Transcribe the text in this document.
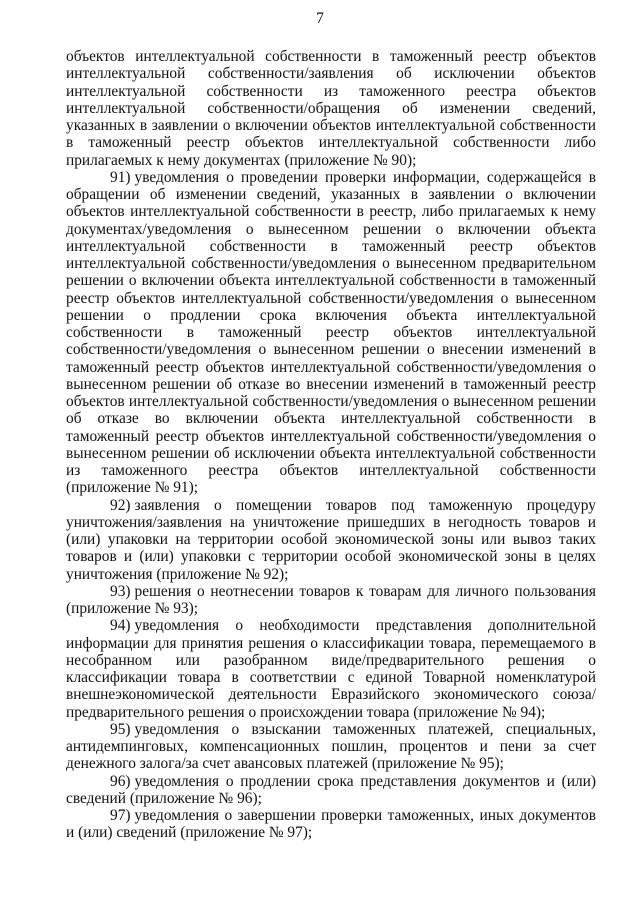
7

объектов интеллектуальной собственности в таможенный реестр объектов интеллектуальной собственности/заявления об исключении объектов интеллектуальной собственности из таможенного реестра объектов интеллектуальной собственности/обращения об изменении сведений, указанных в заявлении о включении объектов интеллектуальной собственности в таможенный реестр объектов интеллектуальной собственности либо прилагаемых к нему документах (приложение № 90);

91) уведомления о проведении проверки информации, содержащейся в обращении об изменении сведений, указанных в заявлении о включении объектов интеллектуальной собственности в реестр, либо прилагаемых к нему документах/уведомления о вынесенном решении о включении объекта интеллектуальной собственности в таможенный реестр объектов интеллектуальной собственности/уведомления о вынесенном предварительном решении о включении объекта интеллектуальной собственности в таможенный реестр объектов интеллектуальной собственности/уведомления о вынесенном решении о продлении срока включения объекта интеллектуальной собственности в таможенный реестр объектов интеллектуальной собственности/уведомления о вынесенном решении о внесении изменений в таможенный реестр объектов интеллектуальной собственности/уведомления о вынесенном решении об отказе во внесении изменений в таможенный реестр объектов интеллектуальной собственности/уведомления о вынесенном решении об отказе во включении объекта интеллектуальной собственности в таможенный реестр объектов интеллектуальной собственности/уведомления о вынесенном решении об исключении объекта интеллектуальной собственности из таможенного реестра объектов интеллектуальной собственности (приложение № 91);

92) заявления о помещении товаров под таможенную процедуру уничтожения/заявления на уничтожение пришедших в негодность товаров и (или) упаковки на территории особой экономической зоны или вывоз таких товаров и (или) упаковки с территории особой экономической зоны в целях уничтожения (приложение № 92);

93) решения о неотнесении товаров к товарам для личного пользования (приложение № 93);

94) уведомления о необходимости представления дополнительной информации для принятия решения о классификации товара, перемещаемого в несобранном или разобранном виде/предварительного решения о классификации товара в соответствии с единой Товарной номенклатурой внешнеэкономической деятельности Евразийского экономического союза/предварительного решения о происхождении товара (приложение № 94);

95) уведомления о взыскании таможенных платежей, специальных, антидемпинговых, компенсационных пошлин, процентов и пени за счет денежного залога/за счет авансовых платежей (приложение № 95);

96) уведомления о продлении срока представления документов и (или) сведений (приложение № 96);

97) уведомления о завершении проверки таможенных, иных документов и (или) сведений (приложение № 97);
